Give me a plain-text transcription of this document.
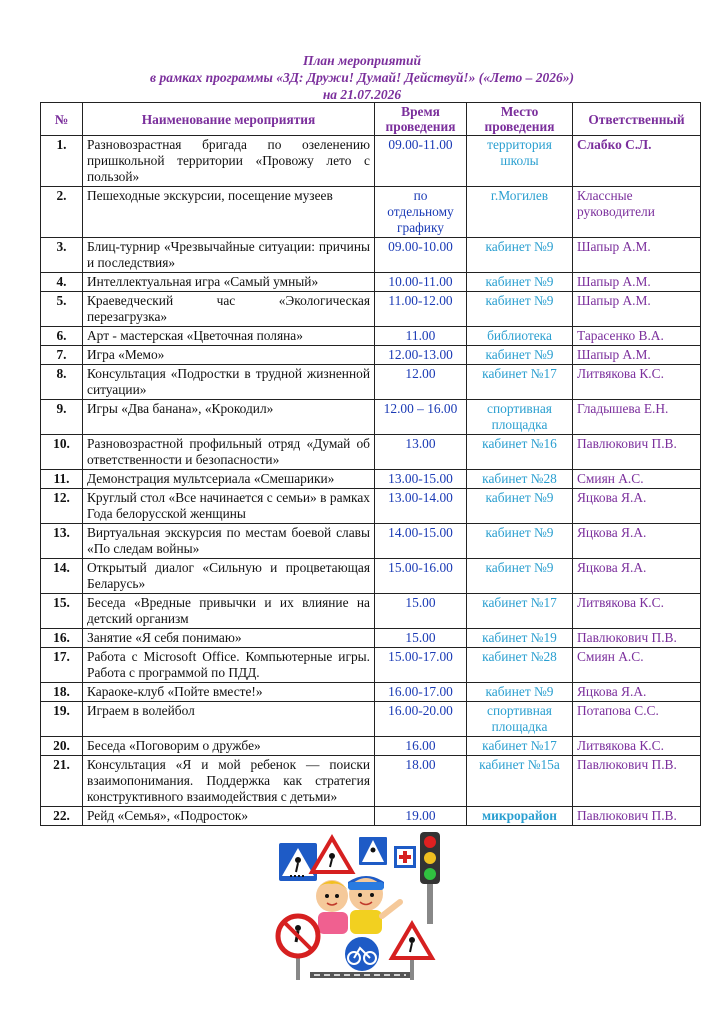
План мероприятий
в рамках программы «3Д: Дружи! Думай! Действуй!» («Лето – 2026»)
на 21.07.2026
№	Наименование мероприятия	Время проведения	Место проведения	Ответственный
1.	Разновозрастная бригада по озеленению пришкольной территории «Провожу лето с пользой»	09.00-11.00	территория школы	Слабко С.Л.
2.	Пешеходные экскурсии, посещение музеев	по отдельному графику	г.Могилев	Классные руководители
3.	Блиц-турнир «Чрезвычайные ситуации: причины и последствия»	09.00-10.00	кабинет №9	Шапыр А.М.
4.	Интеллектуальная игра «Самый умный»	10.00-11.00	кабинет №9	Шапыр А.М.
5.	Краеведческий час «Экологическая перезагрузка»	11.00-12.00	кабинет №9	Шапыр А.М.
6.	Арт - мастерская «Цветочная поляна»	11.00	библиотека	Тарасенко В.А.
7.	Игра «Мемо»	12.00-13.00	кабинет №9	Шапыр А.М.
8.	Консультация «Подростки в трудной жизненной ситуации»	12.00	кабинет №17	Литвякова К.С.
9.	Игры «Два банана», «Крокодил»	12.00 – 16.00	спортивная площадка	Гладышева Е.Н.
10.	Разновозрастной профильный отряд «Думай об ответственности и безопасности»	13.00	кабинет №16	Павлюкович П.В.
11.	Демонстрация мультсериала «Смешарики»	13.00-15.00	кабинет №28	Смиян А.С.
12.	Круглый стол «Все начинается с семьи» в рамках Года белорусской женщины	13.00-14.00	кабинет №9	Яцкова Я.А.
13.	Виртуальная экскурсия по местам боевой славы «По следам войны»	14.00-15.00	кабинет №9	Яцкова Я.А.
14.	Открытый диалог «Сильную и процветающая Беларусь»	15.00-16.00	кабинет №9	Яцкова Я.А.
15.	Беседа «Вредные привычки и их влияние на детский организм	15.00	кабинет №17	Литвякова К.С.
16.	Занятие «Я себя понимаю»	15.00	кабинет №19	Павлюкович П.В.
17.	Работа с Microsoft Office. Компьютерные игры. Работа с программой по ПДД.	15.00-17.00	кабинет №28	Смиян А.С.
18.	Караоке-клуб «Пойте вместе!»	16.00-17.00	кабинет №9	Яцкова Я.А.
19.	Играем в волейбол	16.00-20.00	спортивная площадка	Потапова С.С.
20.	Беседа «Поговорим о дружбе»	16.00	кабинет №17	Литвякова К.С.
21.	Консультация «Я и мой ребенок — поиски взаимопонимания. Поддержка как стратегия конструктивного взаимодействия с детьми»	18.00	кабинет №15а	Павлюкович П.В.
22.	Рейд «Семья», «Подросток»	19.00	микрорайон	Павлюкович П.В.
